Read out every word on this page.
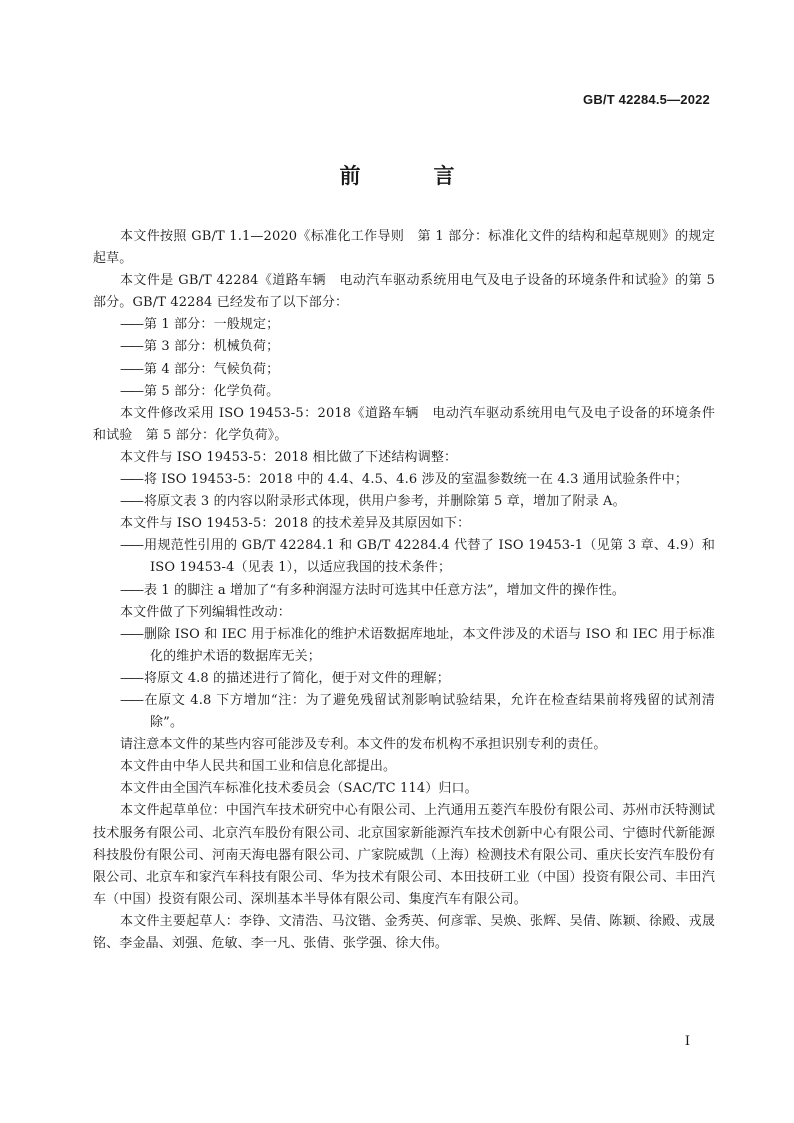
GB/T 42284.5—2022
前　言

本文件按照 GB/T 1.1—2020《标准化工作导则　第 1 部分：标准化文件的结构和起草规则》的规定起草。

本文件是 GB/T 42284《道路车辆　电动汽车驱动系统用电气及电子设备的环境条件和试验》的第 5 部分。GB/T 42284 已经发布了以下部分：

—— 第 1 部分：一般规定；

—— 第 3 部分：机械负荷；

—— 第 4 部分：气候负荷；

—— 第 5 部分：化学负荷。

本文件修改采用 ISO 19453-5：2018《道路车辆　电动汽车驱动系统用电气及电子设备的环境条件和试验　第 5 部分：化学负荷》。

本文件与 ISO 19453-5：2018 相比做了下述结构调整：

—— 将 ISO 19453-5：2018 中的 4.4、4.5、4.6 涉及的室温参数统一在 4.3 通用试验条件中；

—— 将原文表 3 的内容以附录形式体现，供用户参考，并删除第 5 章，增加了附录 A。

本文件与 ISO 19453-5：2018 的技术差异及其原因如下：

—— 用规范性引用的 GB/T 42284.1 和 GB/T 42284.4 代替了 ISO 19453-1（见第 3 章、4.9）和 ISO 19453-4（见表 1），以适应我国的技术条件；

—— 表 1 的脚注 a 增加了“有多种润湿方法时可选其中任意方法”，增加文件的操作性。

本文件做了下列编辑性改动：

—— 删除 ISO 和 IEC 用于标准化的维护术语数据库地址，本文件涉及的术语与 ISO 和 IEC 用于标准化的维护术语的数据库无关；

—— 将原文 4.8 的描述进行了简化，便于对文件的理解；

—— 在原文 4.8 下方增加“注：为了避免残留试剂影响试验结果，允许在检查结果前将残留的试剂清除”。

请注意本文件的某些内容可能涉及专利。本文件的发布机构不承担识别专利的责任。

本文件由中华人民共和国工业和信息化部提出。

本文件由全国汽车标准化技术委员会（SAC/TC 114）归口。

本文件起草单位：中国汽车技术研究中心有限公司、上汽通用五菱汽车股份有限公司、苏州市沃特测试技术服务有限公司、北京汽车股份有限公司、北京国家新能源汽车技术创新中心有限公司、宁德时代新能源科技股份有限公司、河南天海电器有限公司、广家院威凯（上海）检测技术有限公司、重庆长安汽车股份有限公司、北京车和家汽车科技有限公司、华为技术有限公司、本田技研工业（中国）投资有限公司、丰田汽车（中国）投资有限公司、深圳基本半导体有限公司、集度汽车有限公司。

本文件主要起草人：李铮、文清浩、马汶锴、金秀英、何彦霏、吴焕、张辉、吴倩、陈颖、徐殿、戎晟铭、李金晶、刘强、危敏、李一凡、张倩、张学强、徐大伟。

I
